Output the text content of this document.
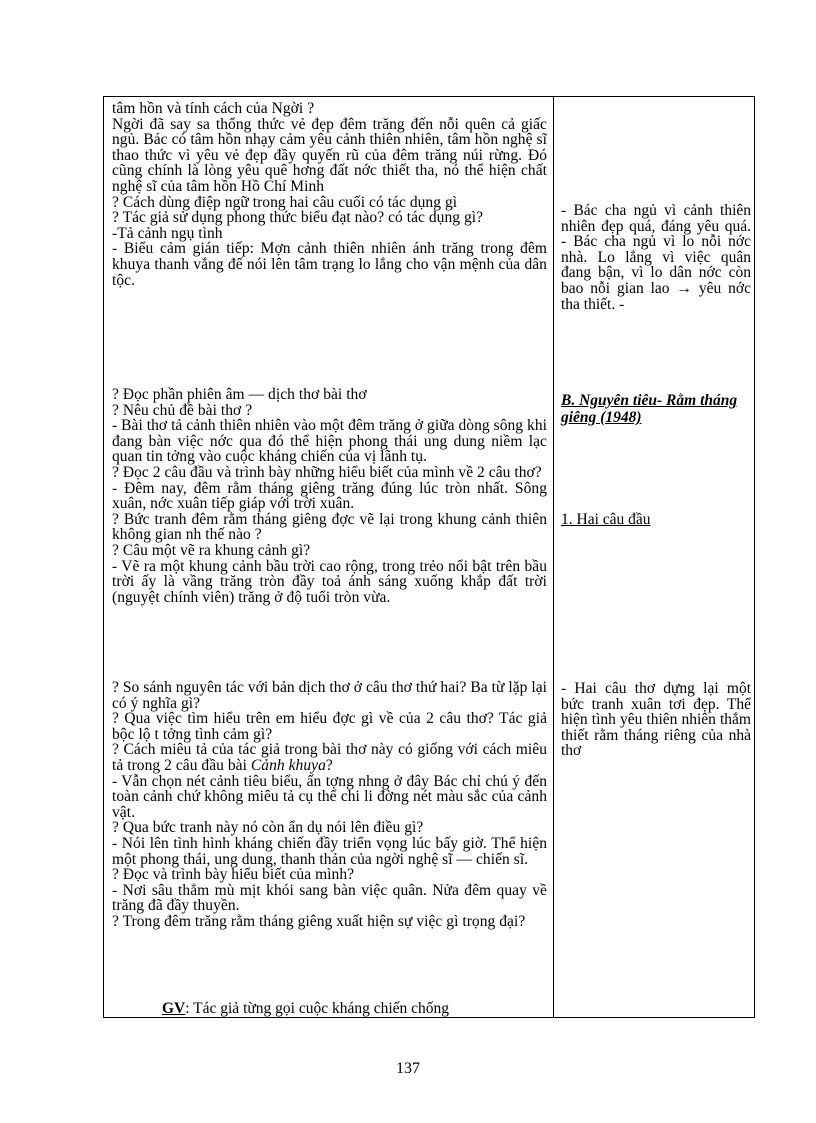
tâm hồn và tính cách của Ngời ?

Ngời đã say sa thổng thức vẻ đẹp đêm trăng đến nỗi quên cả giấc ngủ. Bác có tâm hồn nhạy cảm yêu cảnh thiên nhiên, tâm hồn nghệ sĩ thao thức vì yêu vẻ đẹp đầy quyến rũ của đêm trăng núi rừng. Đó cũng chính là lòng yêu quê hơng đất nớc thiết tha, nó thể hiện chất nghệ sĩ của tâm hồn Hồ Chí Minh

? Cách dùng điệp ngữ trong hai câu cuối có tác dụng gì

? Tác giả sử dụng phong thức biểu đạt nào? có tác dụng gì?

-Tả cảnh ngụ tình

- Biểu cảm gián tiếp: Mợn cảnh thiên nhiên ánh trăng trong đêm khuya thanh vắng để nói lên tâm trạng lo lắng cho vận mệnh của dân tộc.

? Đọc phần phiên âm — dịch thơ bài thơ

? Nêu chủ đề bài thơ ?

- Bài thơ tả cảnh thiên nhiên vào một đêm trăng ở giữa dòng sông khi đang bàn việc nớc qua đó thể hiện phong thái ung dung niềm lạc quan tin tởng vào cuộc kháng chiến của vị lãnh tụ.

? Đọc 2 câu đầu và trình bày những hiểu biết của mình về 2 câu thơ?

- Đêm nay, đêm rằm tháng giêng trăng đúng lúc tròn nhất. Sông xuân, nớc xuân tiếp giáp với trời xuân.

? Bức tranh đêm rằm tháng giêng đợc vẽ lại trong khung cảnh thiên không gian nh thế nào ?

? Câu một vẽ ra khung cảnh gì?

- Vẽ ra một khung cảnh bầu trời cao rộng, trong trẻo nổi bật trên bầu trời ấy là vầng trăng tròn đầy toả ánh sáng xuống khắp đất trời (nguyệt chính viên) trăng ở độ tuổi tròn vừa.

? So sánh nguyên tác với bản dịch thơ ở câu thơ thứ hai? Ba từ lặp lại có ý nghĩa gì?

? Qua việc tìm hiểu trên em hiểu đợc gì về của 2 câu thơ? Tác giả bộc lộ t tởng tình cảm gì?

? Cách miêu tả của tác giả trong bài thơ này có giống với cách miêu tả trong 2 câu đầu bài Cảnh khuya?

- Vẫn chọn nét cảnh tiêu biểu, ấn tợng nhng ở đây Bác chỉ chú ý đến toàn cảnh chứ không miêu tả cụ thể chi li đờng nét màu sắc của cảnh vật.

? Qua bức tranh này nó còn ẩn dụ nói lên điều gì?

- Nói lên tình hình kháng chiến đầy triển vọng lúc bấy giờ. Thể hiện một phong thái, ung dung, thanh thản của ngời nghệ sĩ — chiến sĩ.

? Đọc và trình bày hiểu biết của mình?

- Nơi sâu thẳm mù mịt khói sang bàn việc quân. Nửa đêm quay về trăng đã đầy thuyền.

? Trong đêm trăng rằm tháng giêng xuất hiện sự việc gì trọng đại?

GV: Tác giả từng gọi cuộc kháng chiến chống

- Bác cha ngủ vì cảnh thiên nhiên đẹp quá, đáng yêu quá. - Bác cha ngủ vì lo nỗi nớc nhà. Lo lắng vì việc quân đang bận, vì lo dân nớc còn bao nỗi gian lao → yêu nớc tha thiết. -

B. Nguyên tiêu- Rằm tháng giêng (1948)

1. Hai câu đầu

- Hai câu thơ dựng lại một bức tranh xuân tơi đẹp. Thể hiện tình yêu thiên nhiên thắm thiết rằm tháng riêng của nhà thơ

137
